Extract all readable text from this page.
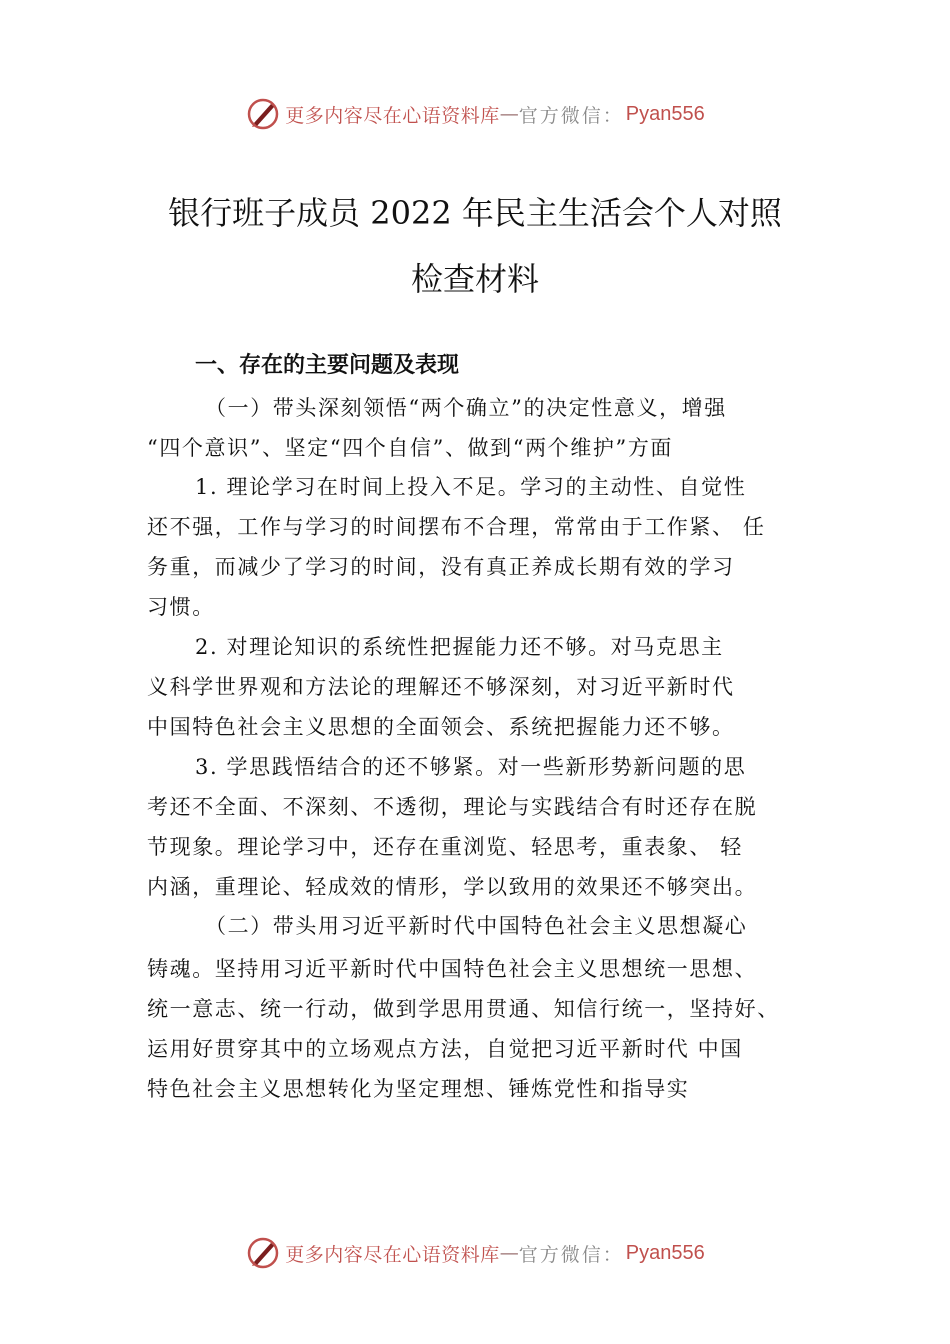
更多内容尽在心语资料库 — 官方微信： Pyan556
银行班子成员 2022 年民主生活会个人对照
检查材料
一、存在的主要问题及表现
（一）带头深刻领悟“两个确立”的决定性意义，增强
“四个意识”、坚定“四个自信”、做到“两个维护”方面
1. 理论学习在时间上投入不足。学习的主动性、自觉性
还不强，工作与学习的时间摆布不合理，常常由于工作紧、 任
务重，而减少了学习的时间，没有真正养成长期有效的学习
习惯。
2. 对理论知识的系统性把握能力还不够。对马克思主
义科学世界观和方法论的理解还不够深刻，对习近平新时代
中国特色社会主义思想的全面领会、系统把握能力还不够。
3. 学思践悟结合的还不够紧。对一些新形势新问题的思
考还不全面、不深刻、不透彻，理论与实践结合有时还存在脱
节现象。理论学习中，还存在重浏览、轻思考，重表象、 轻
内涵，重理论、轻成效的情形，学以致用的效果还不够突出。
（二）带头用习近平新时代中国特色社会主义思想凝心
铸魂。坚持用习近平新时代中国特色社会主义思想统一思想、
统一意志、统一行动，做到学思用贯通、知信行统一，坚持好、
运用好贯穿其中的立场观点方法，自觉把习近平新时代 中国
特色社会主义思想转化为坚定理想、锤炼党性和指导实
更多内容尽在心语资料库 — 官方微信： Pyan556
